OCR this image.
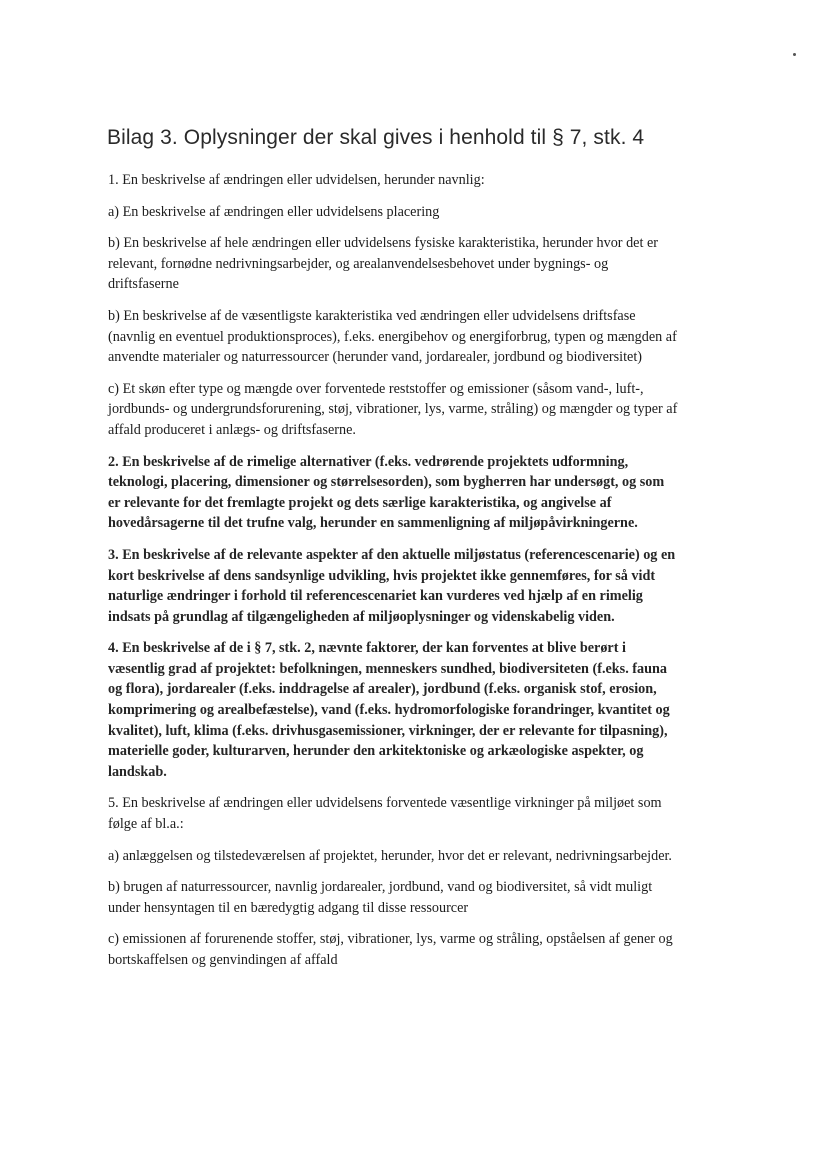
Bilag 3. Oplysninger der skal gives i henhold til § 7, stk. 4

1. En beskrivelse af ændringen eller udvidelsen, herunder navnlig:

a) En beskrivelse af ændringen eller udvidelsens placering

b) En beskrivelse af hele ændringen eller udvidelsens fysiske karakteristika, herunder hvor det er relevant, fornødne nedrivningsarbejder, og arealanvendelsesbehovet under bygnings- og driftsfaserne

b) En beskrivelse af de væsentligste karakteristika ved ændringen eller udvidelsens driftsfase (navnlig en eventuel produktionsproces), f.eks. energibehov og energiforbrug, typen og mængden af anvendte materialer og naturressourcer (herunder vand, jordarealer, jordbund og biodiversitet)

c) Et skøn efter type og mængde over forventede reststoffer og emissioner (såsom vand-, luft-, jordbunds- og undergrundsforurening, støj, vibrationer, lys, varme, stråling) og mængder og typer af affald produceret i anlægs- og driftsfaserne.

2. En beskrivelse af de rimelige alternativer (f.eks. vedrørende projektets udformning, teknologi, placering, dimensioner og størrelsesorden), som bygherren har undersøgt, og som er relevante for det fremlagte projekt og dets særlige karakteristika, og angivelse af hovedårsagerne til det trufne valg, herunder en sammenligning af miljøpåvirkningerne.

3. En beskrivelse af de relevante aspekter af den aktuelle miljøstatus (referencescenarie) og en kort beskrivelse af dens sandsynlige udvikling, hvis projektet ikke gennemføres, for så vidt naturlige ændringer i forhold til referencescenariet kan vurderes ved hjælp af en rimelig indsats på grundlag af tilgængeligheden af miljøoplysninger og videnskabelig viden.

4. En beskrivelse af de i § 7, stk. 2, nævnte faktorer, der kan forventes at blive berørt i væsentlig grad af projektet: befolkningen, menneskers sundhed, biodiversiteten (f.eks. fauna og flora), jordarealer (f.eks. inddragelse af arealer), jordbund (f.eks. organisk stof, erosion, komprimering og arealbefæstelse), vand (f.eks. hydromorfologiske forandringer, kvantitet og kvalitet), luft, klima (f.eks. drivhusgasemissioner, virkninger, der er relevante for tilpasning), materielle goder, kulturarven, herunder den arkitektoniske og arkæologiske aspekter, og landskab.

5. En beskrivelse af ændringen eller udvidelsens forventede væsentlige virkninger på miljøet som følge af bl.a.:

a) anlæggelsen og tilstedeværelsen af projektet, herunder, hvor det er relevant, nedrivningsarbejder.

b) brugen af naturressourcer, navnlig jordarealer, jordbund, vand og biodiversitet, så vidt muligt under hensyntagen til en bæredygtig adgang til disse ressourcer

c) emissionen af forurenende stoffer, støj, vibrationer, lys, varme og stråling, opståelsen af gener og bortskaffelsen og genvindingen af affald
